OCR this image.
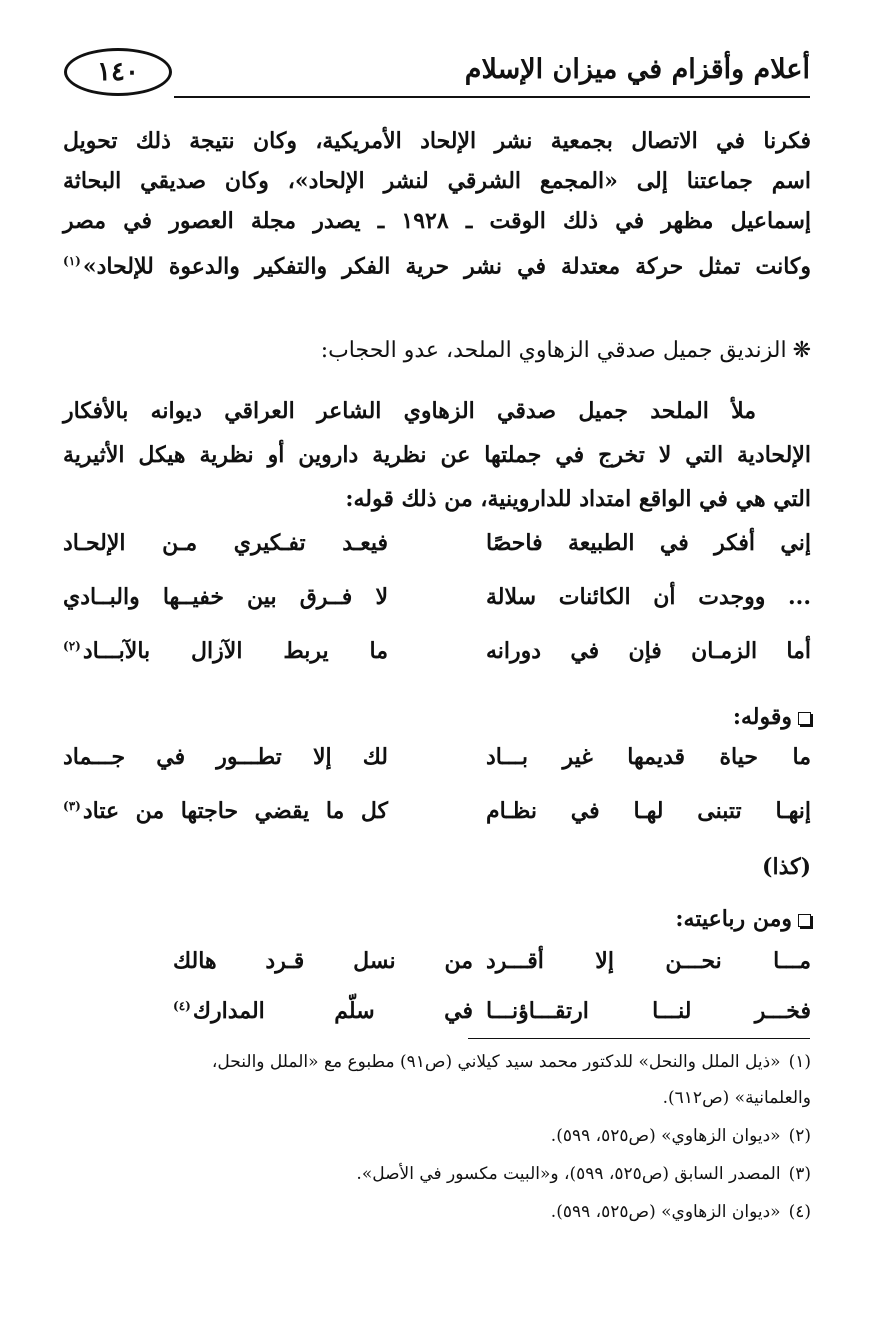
أعلام وأقزام في ميزان الإسلام
١٤٠
فكرنا في الاتصال بجمعية نشر الإلحاد الأمريكية، وكان نتيجة ذلك تحويل
اسم جماعتنا إلى «المجمع الشرقي لنشر الإلحاد»، وكان صديقي البحاثة
إسماعيل مظهر في ذلك الوقت ـ ١٩٢٨ ـ يصدر مجلة العصور في مصر
وكانت تمثل حركة معتدلة في نشر حرية الفكر والتفكير والدعوة للإلحاد»$^{(١)}$
❋الزنديق جميل صدقي الزهاوي الملحد، عدو الحجاب:
ملأ الملحد جميل صدقي الزهاوي الشاعر العراقي ديوانه بالأفكار
الإلحادية التي لا تخرج في جملتها عن نظرية داروين أو نظرية هيكل الأثيرية
التي هي في الواقع امتداد للداروينية، من ذلك قوله:
إني أفكر في الطبيعة فاحصًا
فيعـد تفـكيري مـن الإلحـاد
... ووجدت أن الكائنات سلالة
لا فــرق بين خفيــها والبــادي
أما الزمـان فإن في دورانه
ما يربط الآزال بالآبـــاد$^{(٢)}$
وقوله:
ما حياة قديمها غير بـــاد
لك إلا تطـــور في جـــماد
إنهـا تتبنى لهـا في نظـام
كل ما يقضي حاجتها من عتاد$^{(٣)}$
(كذا)
ومن رباعيته:
مـــا نحـــن إلا أقـــرد
من نسل قـرد هالك
فخـــر لنـــا ارتقـــاؤنـــا
في سلّم المدارك$^{(٤)}$
(١)«ذيل الملل والنحل» للدكتور محمد سيد كيلاني (ص٩١) مطبوع مع «الملل والنحل،
والعلمانية» (ص٦١٢).
(٢)«ديوان الزهاوي» (ص٥٢٥، ٥٩٩).
(٣)المصدر السابق (ص٥٢٥، ٥٩٩)، و«البيت مكسور في الأصل».
(٤)«ديوان الزهاوي» (ص٥٢٥، ٥٩٩).
